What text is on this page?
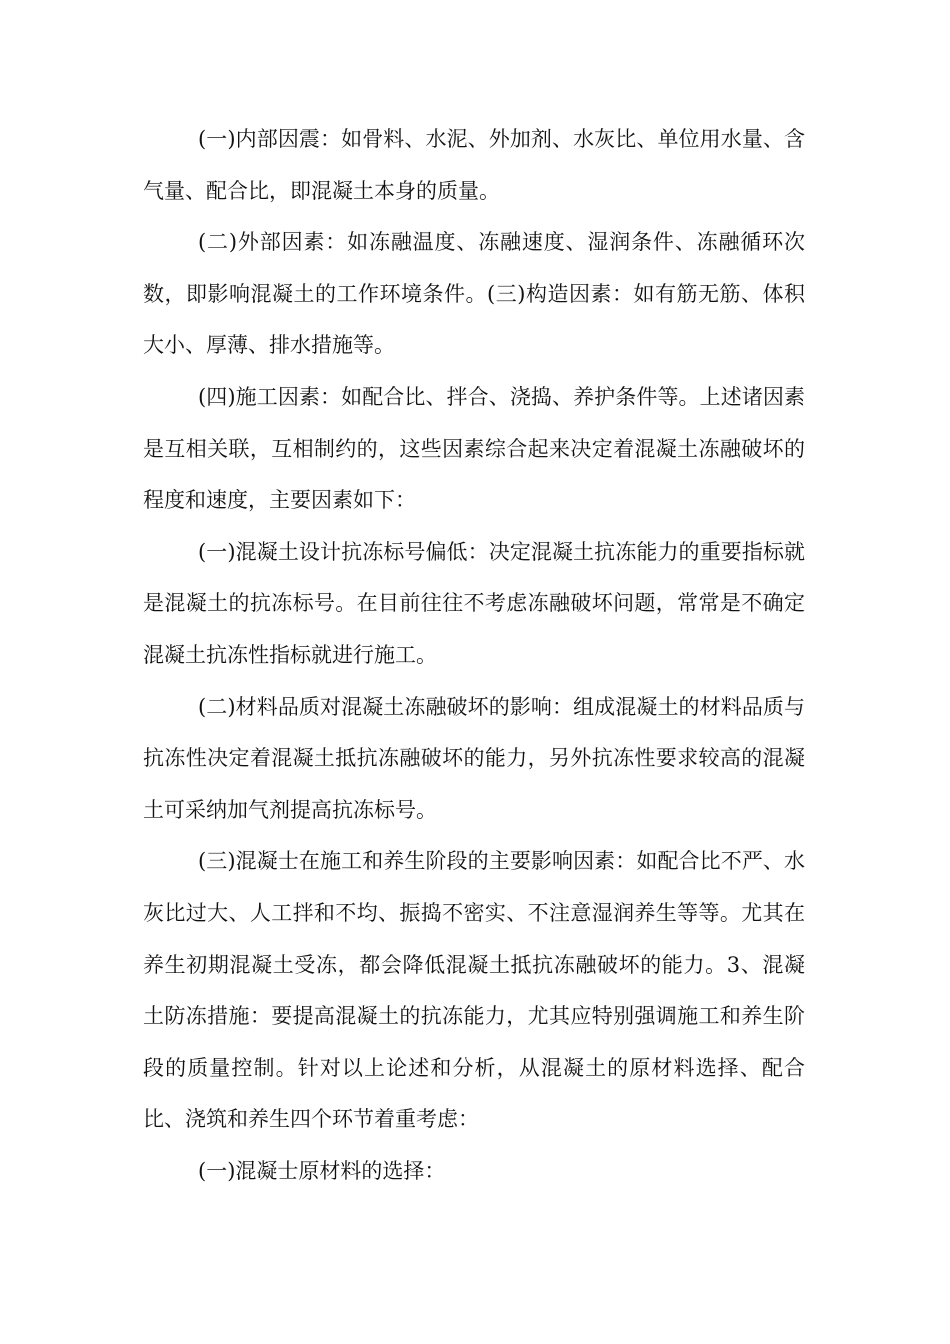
(一)内部因震：如骨料、水泥、外加剂、水灰比、单位用水量、含气量、配合比，即混凝土本身的质量。

(二)外部因素：如冻融温度、冻融速度、湿润条件、冻融循环次数，即影响混凝土的工作环境条件。(三)构造因素：如有筋无筋、体积大小、厚薄、排水措施等。

(四)施工因素：如配合比、拌合、浇捣、养护条件等。上述诸因素是互相关联，互相制约的，这些因素综合起来决定着混凝土冻融破坏的程度和速度，主要因素如下：

(一)混凝土设计抗冻标号偏低：决定混凝土抗冻能力的重要指标就是混凝土的抗冻标号。在目前往往不考虑冻融破坏问题，常常是不确定混凝土抗冻性指标就进行施工。

(二)材料品质对混凝土冻融破坏的影响：组成混凝土的材料品质与抗冻性决定着混凝土抵抗冻融破坏的能力，另外抗冻性要求较高的混凝土可采纳加气剂提高抗冻标号。

(三)混凝士在施工和养生阶段的主要影响因素：如配合比不严、水灰比过大、人工拌和不均、振捣不密实、不注意湿润养生等等。尤其在养生初期混凝土受冻，都会降低混凝土抵抗冻融破坏的能力。3、混凝土防冻措施：要提高混凝土的抗冻能力，尤其应特别强调施工和养生阶段的质量控制。针对以上论述和分析，从混凝土的原材料选择、配合比、浇筑和养生四个环节着重考虑：

(一)混凝士原材料的选择：
